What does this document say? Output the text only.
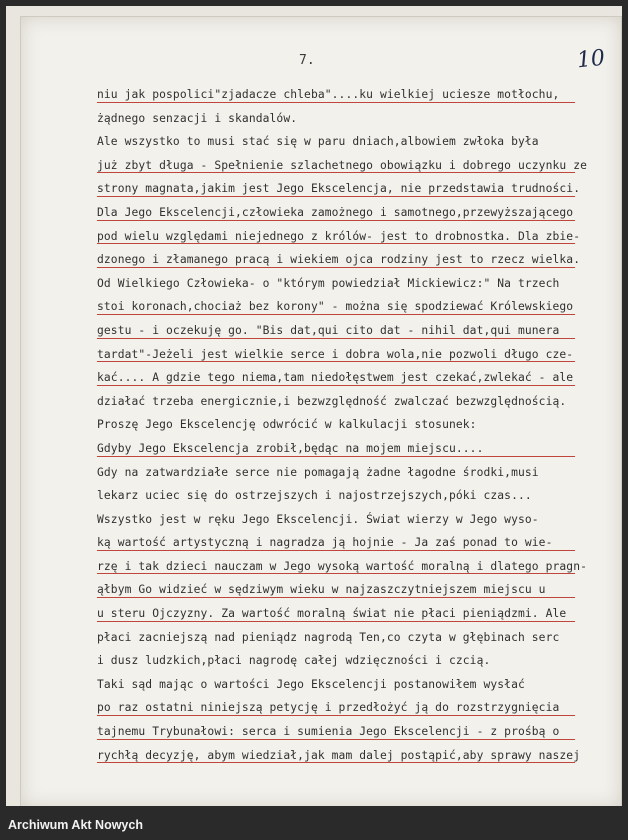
7.	10
niu jak pospolici"zjadacze chleba"....ku wielkiej uciesze motłochu,
żądnego senzacji i skandalów.
Ale wszystko to musi stać się w paru dniach,albowiem zwłoka była
już zbyt długa - Spełnienie szlachetnego obowiązku i dobrego uczynku ze
strony magnata,jakim jest Jego Ekscelencja, nie przedstawia trudności.
Dla Jego Ekscelencji,człowieka zamożnego i samotnego,przewyższającego
pod wielu względami niejednego z królów- jest to drobnostka. Dla zbie-
dzonego i złamanego pracą i wiekiem ojca rodziny jest to rzecz wielka.
Od Wielkiego Człowieka- o "którym powiedział Mickiewicz:" Na trzech
stoi koronach,chociaż bez korony" - można się spodziewać Królewskiego
gestu - i oczekuję go. "Bis dat,qui cito dat - nihil dat,qui munera
tardat"-Jeżeli jest wielkie serce i dobra wola,nie pozwoli długo cze-
kać.... A gdzie tego niema,tam niedołęstwem jest czekać,zwlekać - ale
działać trzeba energicznie,i bezwzględność zwalczać bezwzględnością.
Proszę Jego Ekscelencję odwrócić w kalkulacji stosunek:
Gdyby Jego Ekscelencja zrobił,będąc na mojem miejscu....
Gdy na zatwardziałe serce nie pomagają żadne łagodne środki,musi
lekarz uciec się do ostrzejszych i najostrzejszych,póki czas...
Wszystko jest w ręku Jego Ekscelencji. Świat wierzy w Jego wyso-
ką wartość artystyczną i nagradza ją hojnie - Ja zaś ponad to wie-
rzę i tak dzieci nauczam w Jego wysoką wartość moralną i dlatego pragn-
ąłbym Go widzieć w sędziwym wieku w najzaszczytniejszem miejscu u
u steru Ojczyzny. Za wartość moralną świat nie płaci pieniądzmi. Ale
płaci zacniejszą nad pieniądz nagrodą Ten,co czyta w głębinach serc
i dusz ludzkich,płaci nagrodę całej wdzięczności i czcią.
Taki sąd mając o wartości Jego Ekscelencji postanowiłem wysłać
po raz ostatni niniejszą petycję i przedłożyć ją do rozstrzygnięcia
tajnemu Trybunałowi: serca i sumienia Jego Ekscelencji - z prośbą o
rychłą decyzję, abym wiedział,jak mam dalej postąpić,aby sprawy naszej
Archiwum Akt Nowych
